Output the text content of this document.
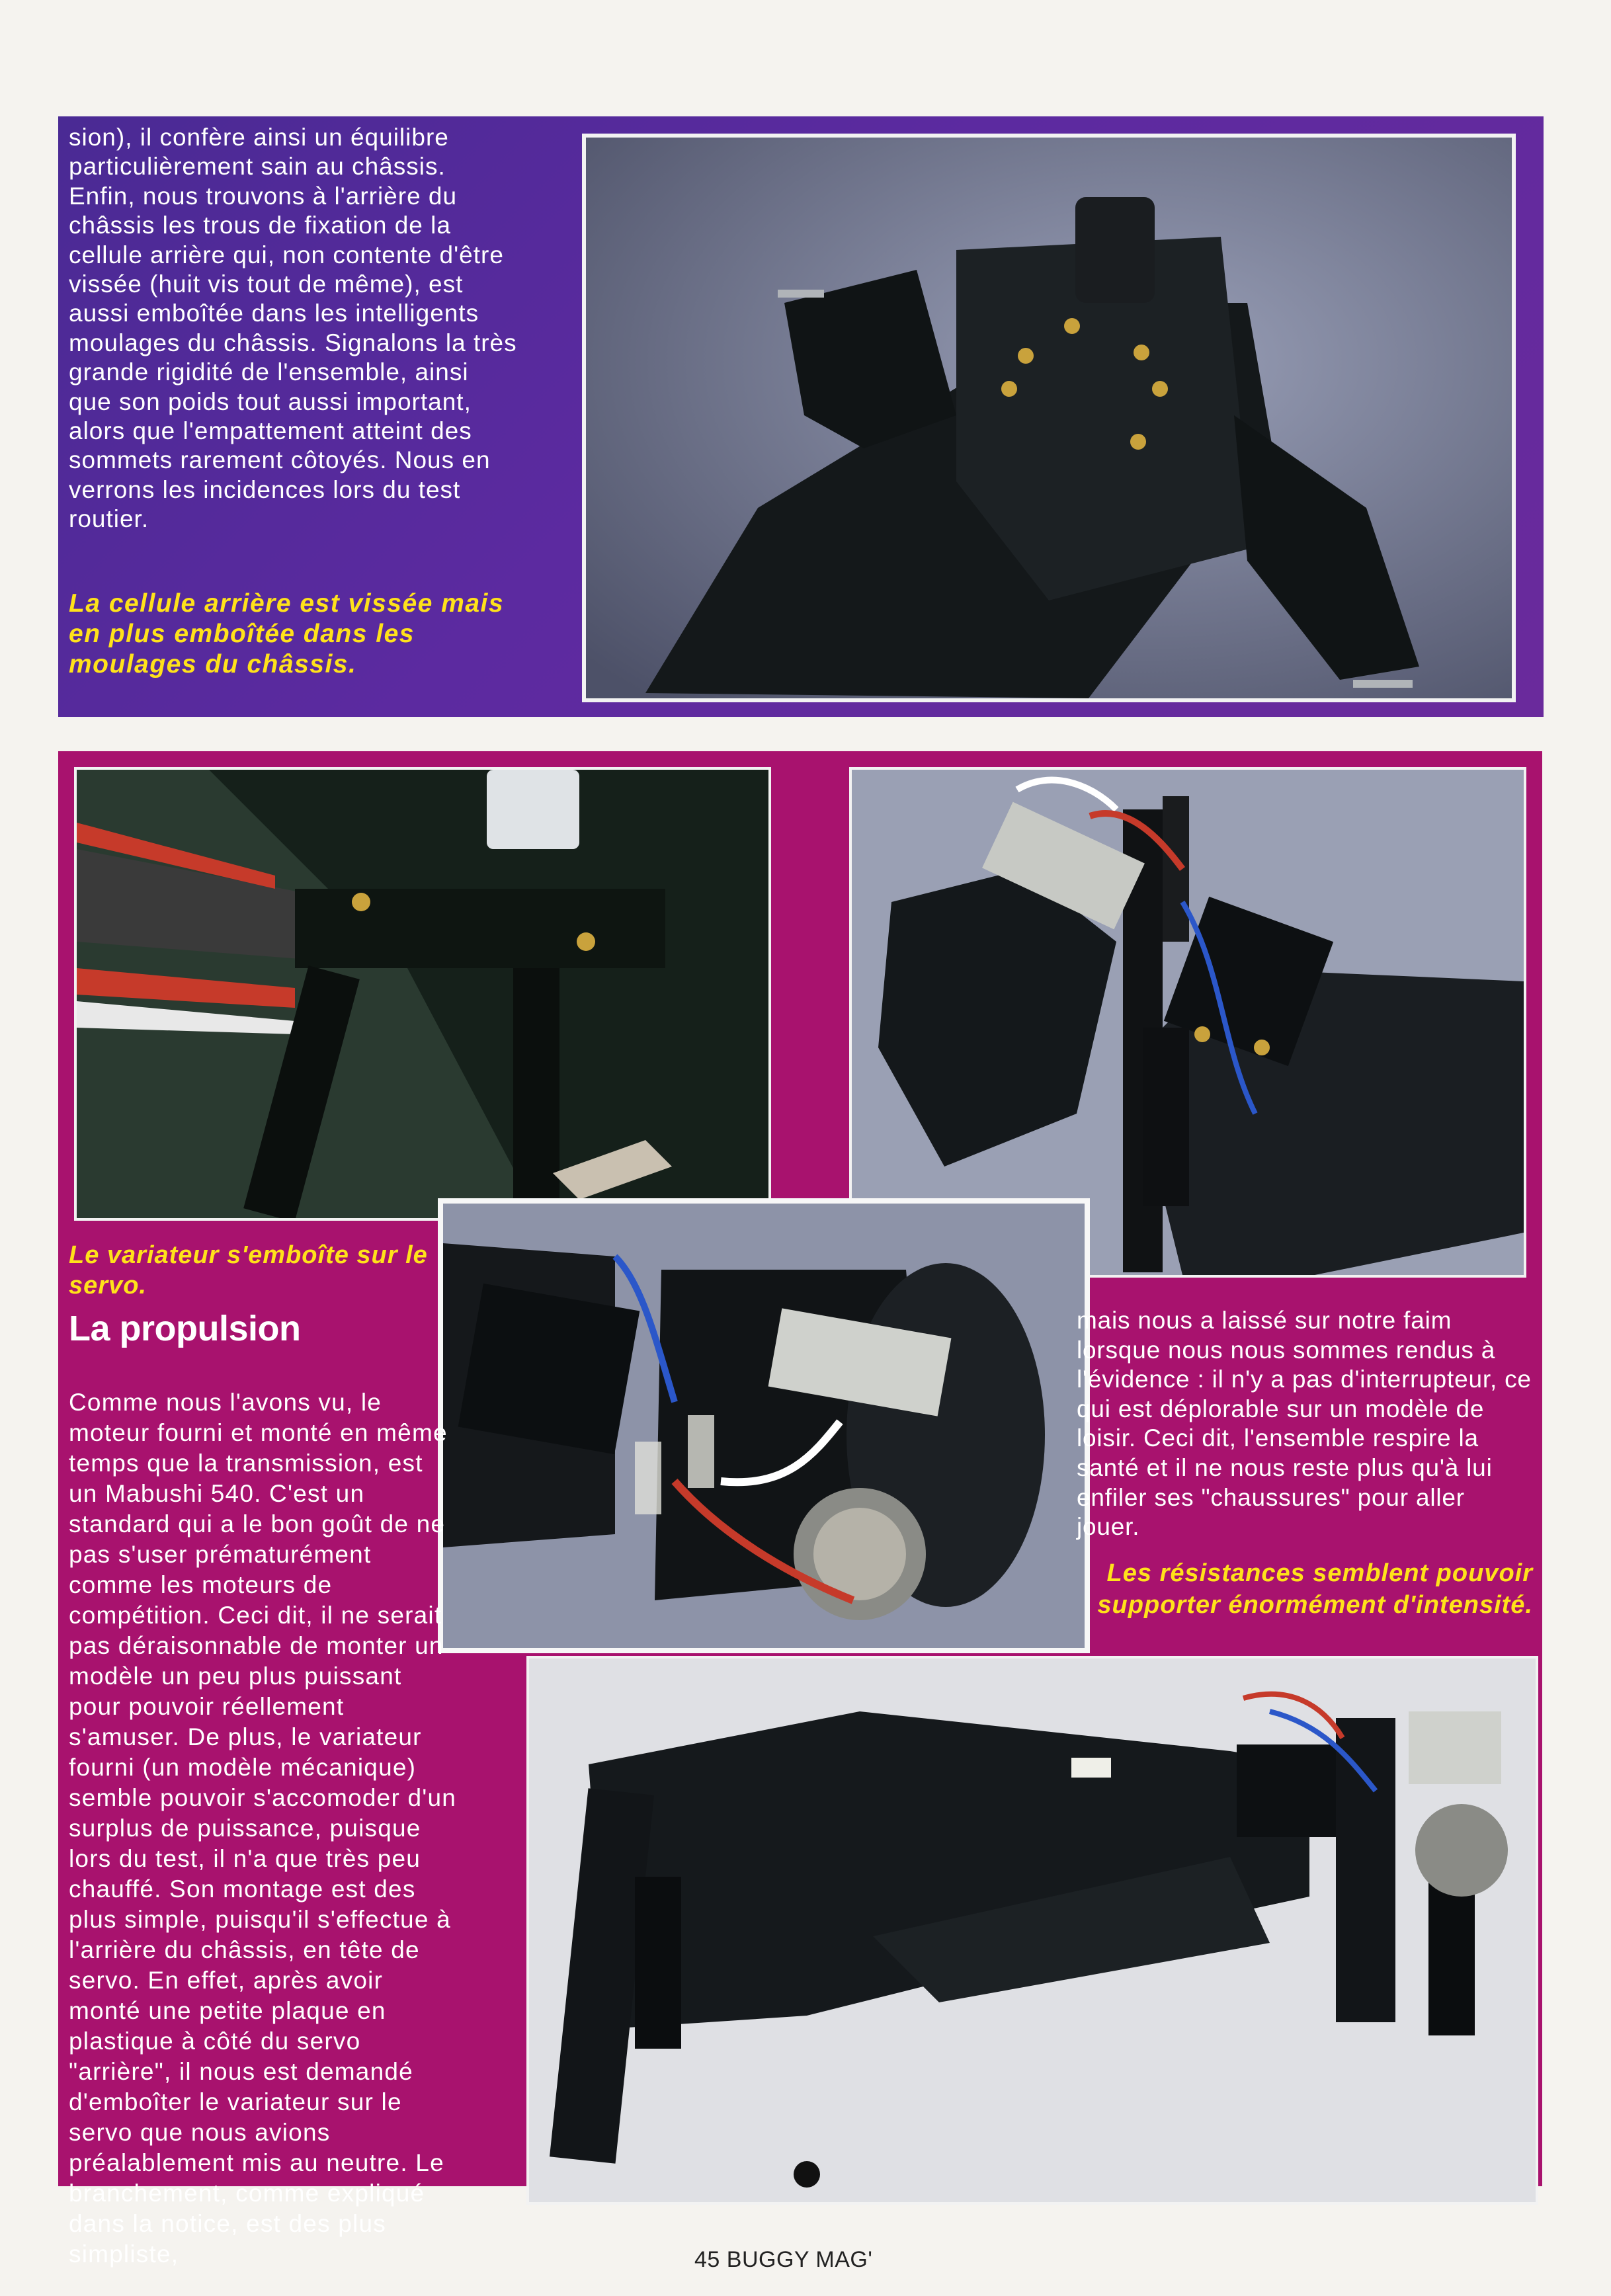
sion), il confère ainsi un équilibre particulièrement sain au châssis. Enfin, nous trouvons à l'arrière du châssis les trous de fixation de la cellule arrière qui, non contente d'être vissée (huit vis tout de même), est aussi emboîtée dans les intelligents moulages du châssis. Signalons la très grande rigidité de l'ensemble, ainsi que son poids tout aussi important, alors que l'empattement atteint des sommets rarement côtoyés. Nous en verrons les incidences lors du test routier.
La cellule arrière est vissée mais en plus emboîtée dans les moulages du châssis.
Le variateur s'emboîte sur le servo.
La propulsion
Comme nous l'avons vu, le moteur fourni et monté en même temps que la transmission, est un Mabushi 540. C'est un standard qui a le bon goût de ne pas s'user prématurément comme les moteurs de compétition. Ceci dit, il ne serait pas déraisonnable de monter un modèle un peu plus puissant pour pouvoir réellement s'amuser. De plus, le variateur fourni (un modèle mécanique) semble pouvoir s'accomoder d'un surplus de puissance, puisque lors du test, il n'a que très peu chauffé. Son montage est des plus simple, puisqu'il s'effectue à l'arrière du châssis, en tête de servo. En effet, après avoir monté une petite plaque en plastique à côté du servo "arrière", il nous est demandé d'emboîter le variateur sur le servo que nous avions préalablement mis au neutre. Le branchement, comme expliqué dans la notice, est des plus simpliste,
mais nous a laissé sur notre faim lorsque nous nous sommes rendus à l'évidence : il n'y a pas d'interrupteur, ce qui est déplorable sur un modèle de loisir. Ceci dit, l'ensemble respire la santé et il ne nous reste plus qu'à lui enfiler ses "chaussures" pour aller jouer.
Les résistances semblent pouvoir supporter énormément d'intensité.
45 BUGGY MAG'
